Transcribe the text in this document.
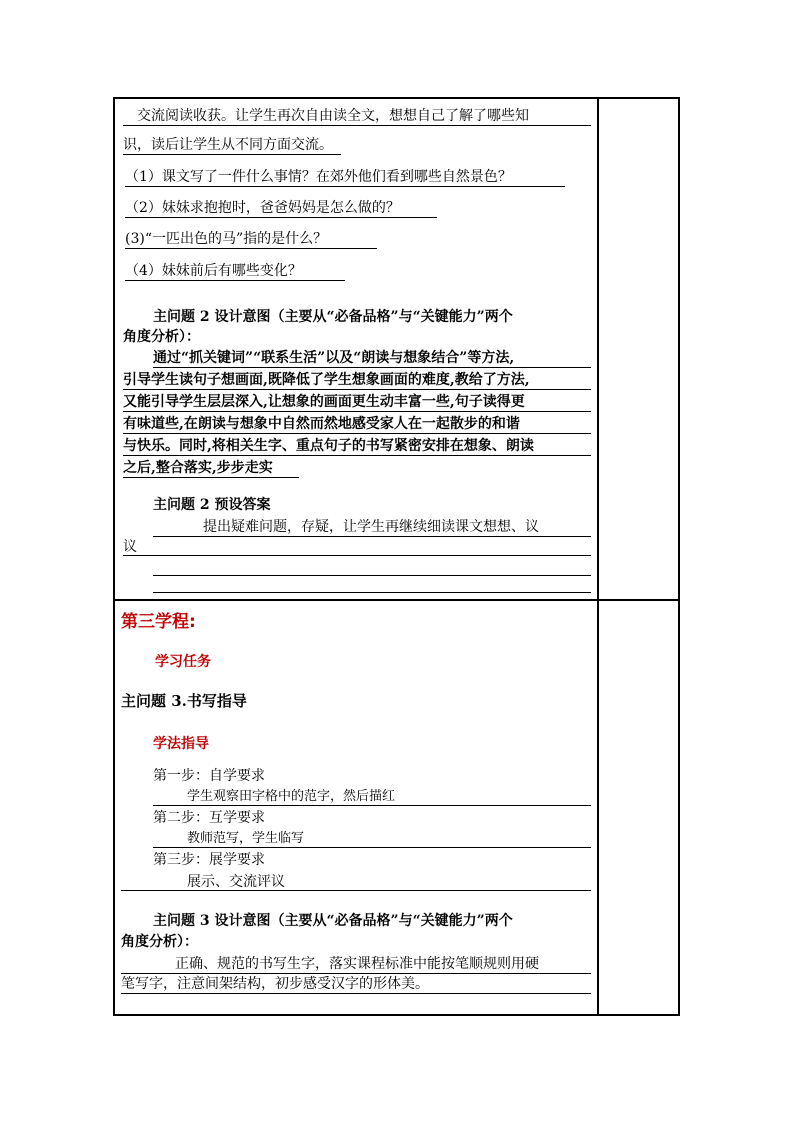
交流阅读收获。让学生再次自由读全文，想想自己了解了哪些知
识，读后让学生从不同方面交流。
（1）课文写了一件什么事情？在郊外他们看到哪些自然景色？
（2）妹妹求抱抱时，爸爸妈妈是怎么做的？
(3)“一匹出色的马”指的是什么？
（4）妹妹前后有哪些变化？
主问题 2 设计意图（主要从“必备品格”与“关键能力”两个
角度分析）：
通过“抓关键词”“联系生活”以及“朗读与想象结合”等方法,
引导学生读句子想画面,既降低了学生想象画面的难度,教给了方法,
又能引导学生层层深入,让想象的画面更生动丰富一些,句子读得更
有味道些,在朗读与想象中自然而然地感受家人在一起散步的和谐
与快乐。同时,将相关生字、重点句子的书写紧密安排在想象、朗读
之后,整合落实,步步走实
主问题 2 预设答案
提出疑难问题，存疑，让学生再继续细读课文想想、议
议
第三学程:
学习任务
主问题 3.书写指导
学法指导
第一步：自学要求
学生观察田字格中的范字，然后描红
第二步：互学要求
教师范写，学生临写
第三步：展学要求
展示、交流评议
主问题 3 设计意图（主要从“必备品格”与“关键能力”两个
角度分析）：
正确、规范的书写生字，落实课程标准中能按笔顺规则用硬
笔写字，注意间架结构，初步感受汉字的形体美。
